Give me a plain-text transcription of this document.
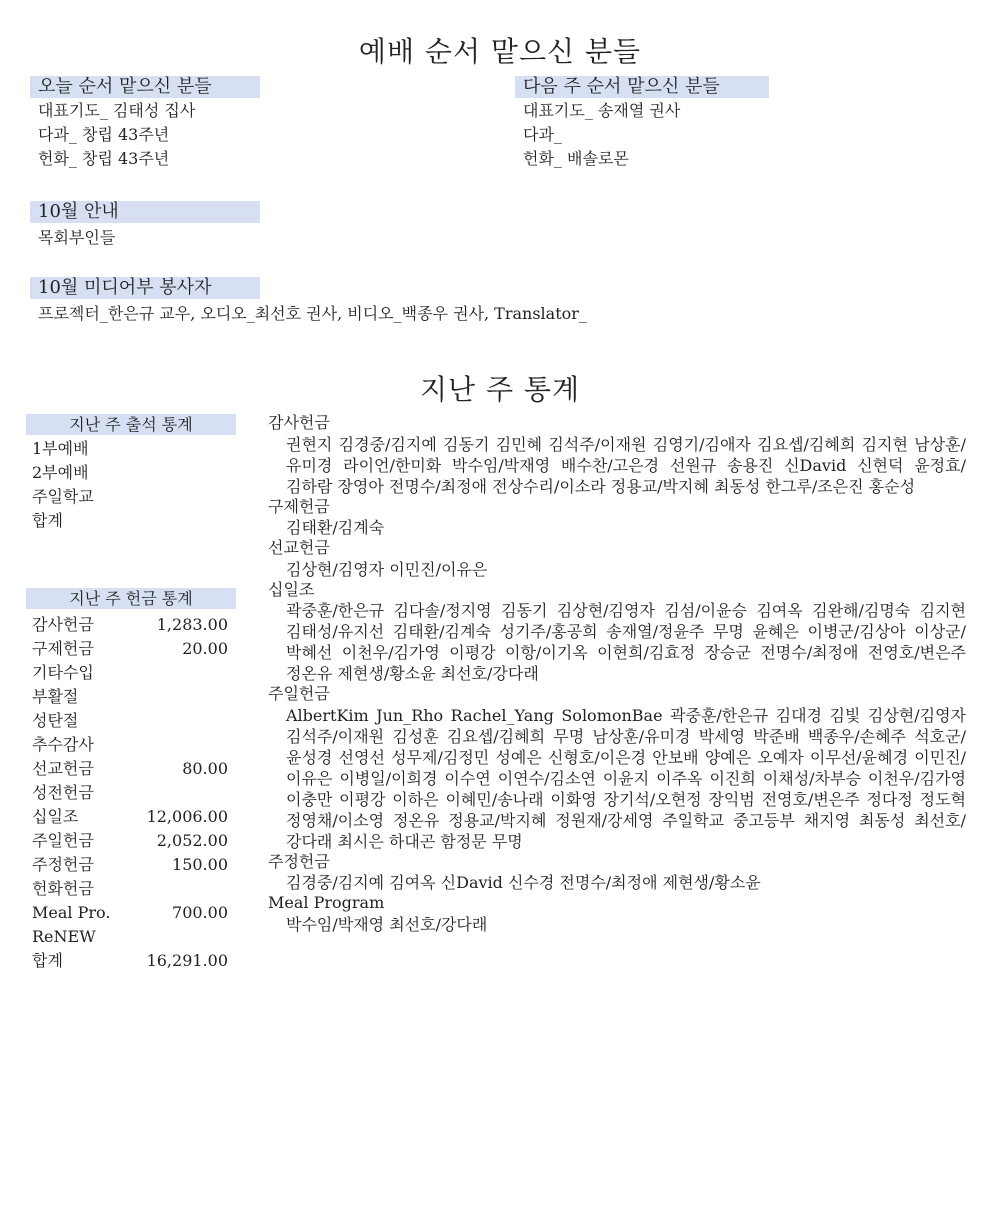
예배 순서 맡으신 분들
오늘 순서 맡으신 분들
대표기도_ 김태성 집사
다과_ 창립 43주년
헌화_ 창립 43주년
다음 주 순서 맡으신 분들
대표기도_ 송재열 권사
다과_
헌화_ 배솔로몬
10월 안내
목회부인들
10월 미디어부 봉사자
프로젝터_한은규 교우, 오디오_최선호 권사, 비디오_백종우 권사, Translator_
지난 주 통계
지난 주 출석 통계
1부예배
2부예배
주일학교
합계
지난 주 헌금 통계
감사헌금	1,283.00
구제헌금	20.00
기타수입
부활절
성탄절
추수감사
선교헌금	80.00
성전헌금
십일조	12,006.00
주일헌금	2,052.00
주정헌금	150.00
헌화헌금
Meal Pro.	700.00
ReNEW
합계	16,291.00
감사헌금
권현지 김경중/김지예 김동기 김민혜 김석주/이재원 김영기/김애자 김요셉/김혜희 김지현 남상훈/유미경 라이언/한미화 박수임/박재영 배수찬/고은경 선원규 송용진 신David 신현덕 윤정효/김하람 장영아 전명수/최정애 전상수리/이소라 정용교/박지혜 최동성 한그루/조은진 홍순성
구제헌금
김태환/김계숙
선교헌금
김상현/김영자 이민진/이유은
십일조
곽중훈/한은규 김다솔/정지영 김동기 김상현/김영자 김섬/이윤승 김여옥 김완해/김명숙 김지현 김태성/유지선 김태환/김계숙 성기주/홍공희 송재열/정윤주 무명 윤혜은 이병군/김상아 이상군/박혜선 이천우/김가영 이평강 이항/이기옥 이현희/김효정 장승군 전명수/최정애 전영호/변은주 정온유 제현생/황소윤 최선호/강다래
주일헌금
AlbertKim Jun_Rho Rachel_Yang SolomonBae 곽중훈/한은규 김대경 김빛 김상현/김영자 김석주/이재원 김성훈 김요셉/김혜희 무명 남상훈/유미경 박세영 박준배 백종우/손혜주 석호군/윤성경 선영선 성무제/김정민 성예은 신형호/이은경 안보배 양예은 오예자 이무선/윤혜경 이민진/이유은 이병일/이희경 이수연 이연수/김소연 이윤지 이주옥 이진희 이채성/차부승 이천우/김가영 이충만 이평강 이하은 이혜민/송나래 이화영 장기석/오현정 장익범 전영호/변은주 정다정 정도혁 정영채/이소영 정온유 정용교/박지혜 정원재/강세영 주일학교 중고등부 채지영 최동성 최선호/강다래 최시은 하대곤 함정문 무명
주정헌금
김경중/김지예 김여옥 신David 신수경 전명수/최정애 제현생/황소윤
Meal Program
박수임/박재영 최선호/강다래
